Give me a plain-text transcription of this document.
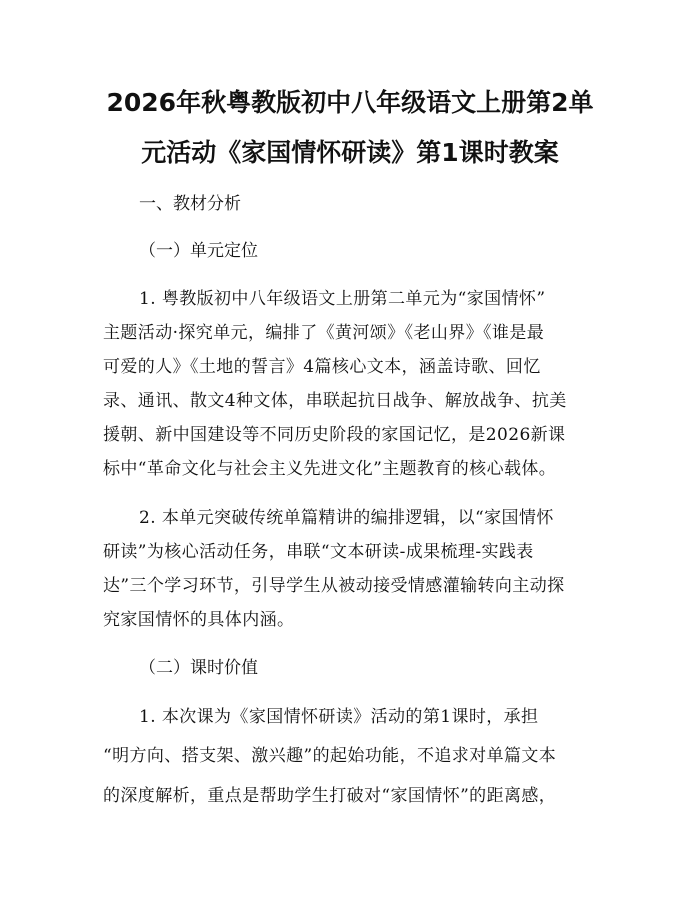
2026年秋粤教版初中八年级语文上册第2单
元活动《家国情怀研读》第1课时教案

一、教材分析

（一）单元定位

1. 粤教版初中八年级语文上册第二单元为“家国情怀”

主题活动·探究单元，编排了《黄河颂》《老山界》《谁是最

可爱的人》《土地的誓言》4篇核心文本，涵盖诗歌、回忆

录、通讯、散文4种文体，串联起抗日战争、解放战争、抗美

援朝、新中国建设等不同历史阶段的家国记忆，是2026新课

标中“革命文化与社会主义先进文化”主题教育的核心载体。

2. 本单元突破传统单篇精讲的编排逻辑，以“家国情怀

研读”为核心活动任务，串联“文本研读-成果梳理-实践表

达”三个学习环节，引导学生从被动接受情感灌输转向主动探

究家国情怀的具体内涵。

（二）课时价值

1. 本次课为《家国情怀研读》活动的第1课时，承担

“明方向、搭支架、激兴趣”的起始功能，不追求对单篇文本

的深度解析，重点是帮助学生打破对“家国情怀”的距离感，
